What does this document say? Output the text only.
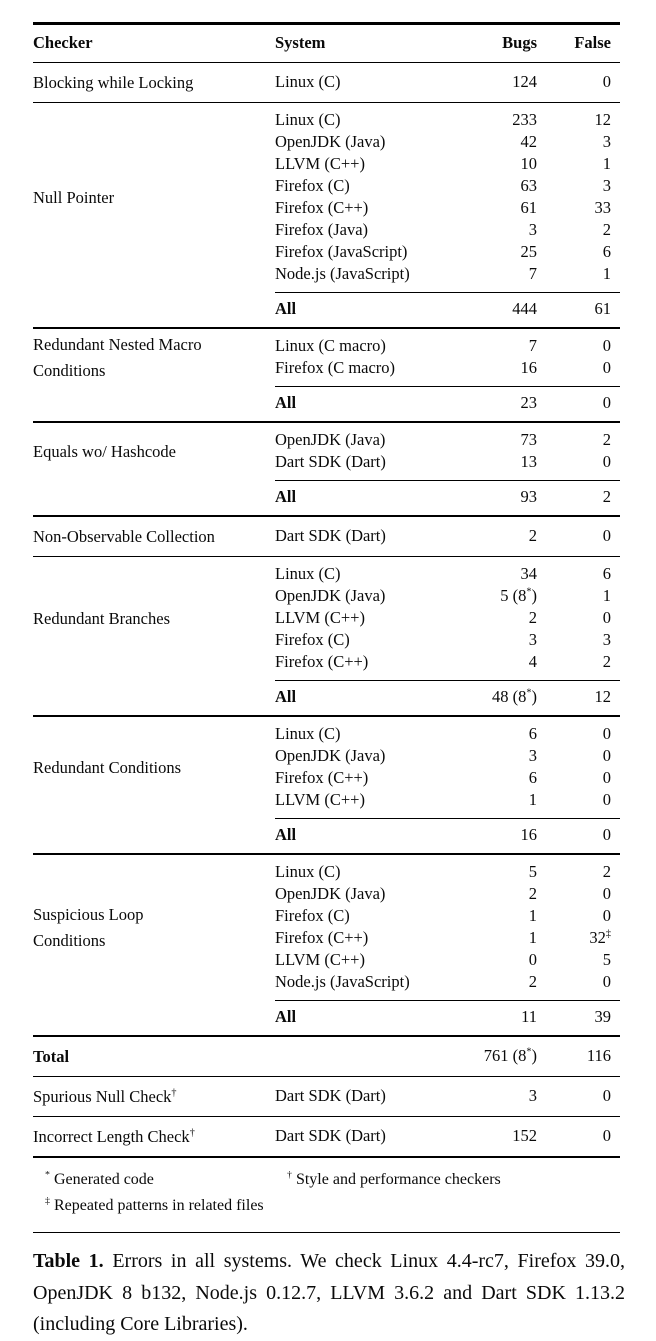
Checker	System	Bugs	False
Blocking while Locking	Linux (C)	124	0
Null Pointer
Linux (C)	233	12
OpenJDK (Java)	42	3
LLVM (C++)	10	1
Firefox (C)	63	3
Firefox (C++)	61	33
Firefox (Java)	3	2
Firefox (JavaScript)	25	6
Node.js (JavaScript)	7	1
All	444	61
Redundant Nested Macro
Conditions
Linux (C macro)	7	0
Firefox (C macro)	16	0
All	23	0
Equals wo/ Hashcode
OpenJDK (Java)	73	2
Dart SDK (Dart)	13	0
All	93	2
Non-Observable Collection	Dart SDK (Dart)	2	0
Redundant Branches
Linux (C)	34	6
OpenJDK (Java)	5 (8*)	1
LLVM (C++)	2	0
Firefox (C)	3	3
Firefox (C++)	4	2
All	48 (8*)	12
Redundant Conditions
Linux (C)	6	0
OpenJDK (Java)	3	0
Firefox (C++)	6	0
LLVM (C++)	1	0
All	16	0
Suspicious Loop
Conditions
Linux (C)	5	2
OpenJDK (Java)	2	0
Firefox (C)	1	0
Firefox (C++)	1	32‡
LLVM (C++)	0	5
Node.js (JavaScript)	2	0
All	11	39
Total	761 (8*)	116
Spurious Null Check†	Dart SDK (Dart)	3	0
Incorrect Length Check†	Dart SDK (Dart)	152	0
* Generated code	† Style and performance checkers
‡ Repeated patterns in related files

Table 1. Errors in all systems. We check Linux 4.4-rc7, Firefox 39.0, OpenJDK 8 b132, Node.js 0.12.7, LLVM 3.6.2 and Dart SDK 1.13.2 (including Core Libraries).
